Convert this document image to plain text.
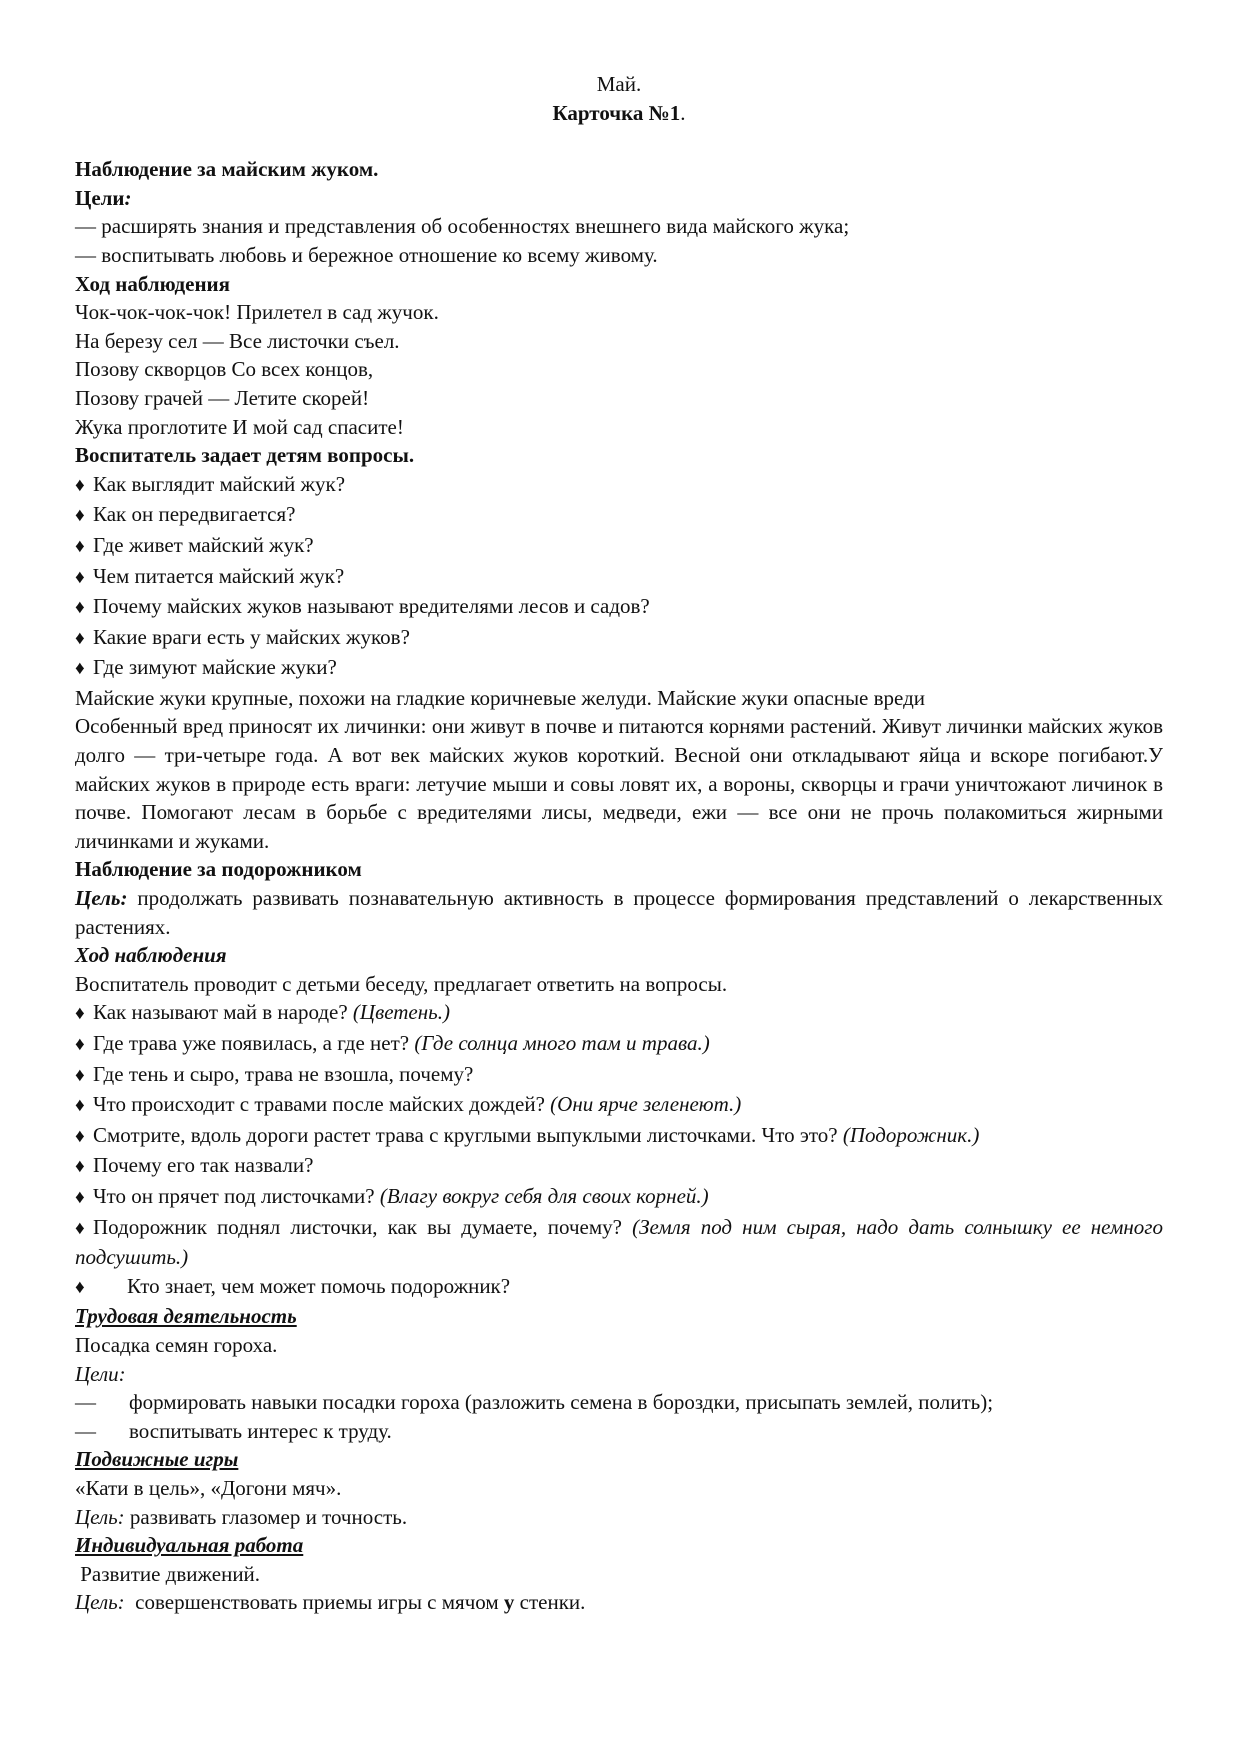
Май.
Карточка №1.
Наблюдение за майским жуком.
Цели:
— расширять знания и представления об особенностях внешнего вида майского жука;
— воспитывать любовь и бережное отношение ко всему живому.
Ход наблюдения
Чок-чок-чок-чок! Прилетел в сад жучок.
На березу сел — Все листочки съел.
Позову скворцов Со всех концов,
Позову грачей — Летите скорей!
Жука проглотите И мой сад спасите!
Воспитатель задает детям вопросы.
♦ Как выглядит майский жук?
♦ Как он передвигается?
♦ Где живет майский жук?
♦ Чем питается майский жук?
♦ Почему майских жуков называют вредителями лесов и садов?
♦ Какие враги есть у майских жуков?
♦ Где зимуют майские жуки?
Майские жуки крупные, похожи на гладкие коричневые желуди. Майские жуки опасные вреди
Особенный вред приносят их личинки: они живут в почве и питаются корнями растений. Живут личинки майских жуков долго — три-четыре года. А вот век майских жуков короткий. Весной они откладывают яйца и вскоре погибают.У майских жуков в природе есть враги: летучие мыши и совы ловят их, а вороны, скворцы и грачи уничтожают личинок в почве. Помогают лесам в борьбе с вредителями лисы, медведи, ежи — все они не прочь полакомиться жирными личинками и жуками.
Наблюдение за подорожником
Цель: продолжать развивать познавательную активность в процессе формирования представлений о лекарственных растениях.
Ход наблюдения
Воспитатель проводит с детьми беседу, предлагает ответить на вопросы.
♦ Как называют май в народе? (Цветень.)
♦ Где трава уже появилась, а где нет? (Где солнца много там и трава.)
♦ Где тень и сыро, трава не взошла, почему?
♦ Что происходит с травами после майских дождей? (Они ярче зеленеют.)
♦ Смотрите, вдоль дороги растет трава с круглыми выпуклыми листочками. Что это? (Подорожник.)
♦ Почему его так назвали?
♦ Что он прячет под листочками? (Влагу вокруг себя для своих корней.)
♦ Подорожник поднял листочки, как вы думаете, почему? (Земля под ним сырая, надо дать солнышку ее немного подсушить.)
♦ Кто знает, чем может помочь подорожник?
Трудовая деятельность
Посадка семян гороха.
Цели:
— формировать навыки посадки гороха (разложить семена в бороздки, присыпать землей, полить);
— воспитывать интерес к труду.
Подвижные игры
«Кати в цель», «Догони мяч».
Цель: развивать глазомер и точность.
Индивидуальная работа
Развитие движений.
Цель:  совершенствовать приемы игры с мячом у стенки.
